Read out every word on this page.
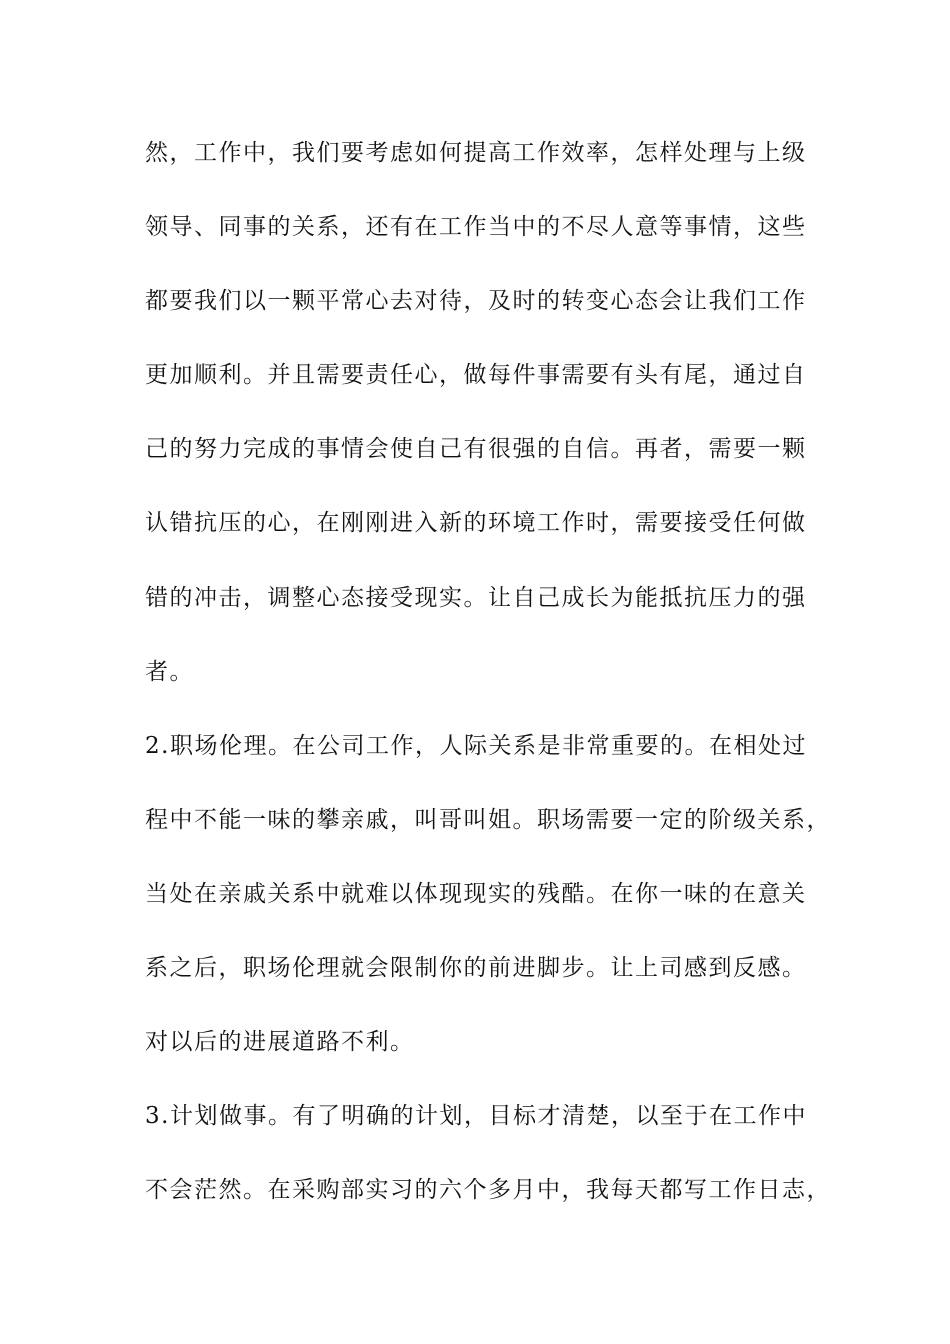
然，工作中，我们要考虑如何提高工作效率，怎样处理与上级
领导、同事的关系，还有在工作当中的不尽人意等事情，这些
都要我们以一颗平常心去对待，及时的转变心态会让我们工作
更加顺利。并且需要责任心，做每件事需要有头有尾，通过自
己的努力完成的事情会使自己有很强的自信。再者，需要一颗
认错抗压的心，在刚刚进入新的环境工作时，需要接受任何做
错的冲击，调整心态接受现实。让自己成长为能抵抗压力的强
者。
2.职场伦理。在公司工作，人际关系是非常重要的。在相处过
程中不能一味的攀亲戚，叫哥叫姐。职场需要一定的阶级关系，
当处在亲戚关系中就难以体现现实的残酷。在你一味的在意关
系之后，职场伦理就会限制你的前进脚步。让上司感到反感。
对以后的进展道路不利。
3.计划做事。有了明确的计划，目标才清楚，以至于在工作中
不会茫然。在采购部实习的六个多月中，我每天都写工作日志，
